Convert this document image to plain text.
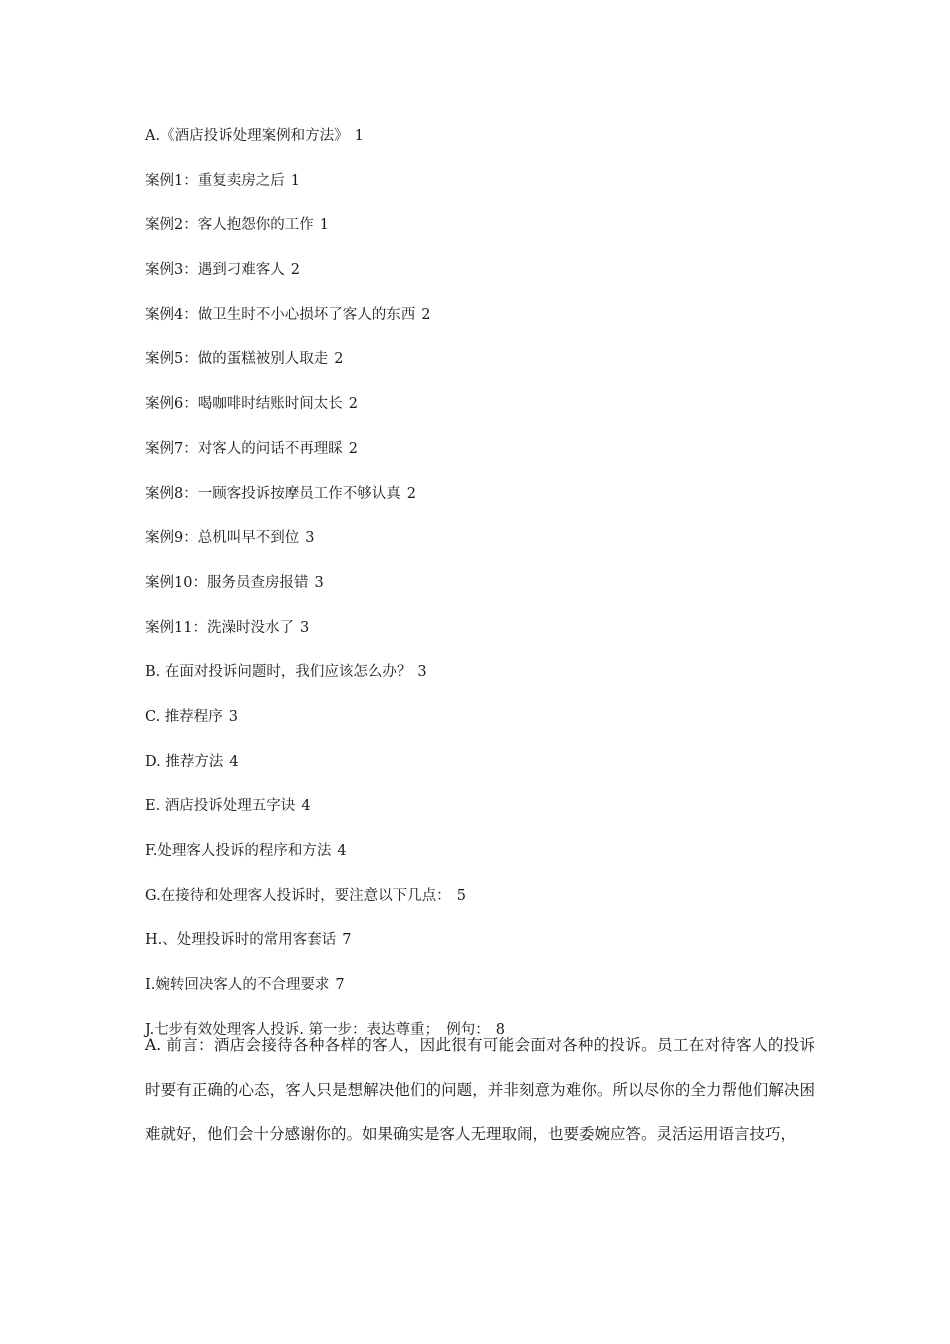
A.《酒店投诉处理案例和方法》 1
案例1：重复卖房之后 1
案例2：客人抱怨你的工作 1
案例3：遇到刁难客人 2
案例4：做卫生时不小心损坏了客人的东西 2
案例5：做的蛋糕被别人取走 2
案例6：喝咖啡时结账时间太长 2
案例7：对客人的问话不再理睬 2
案例8：一顾客投诉按摩员工作不够认真 2
案例9：总机叫早不到位 3
案例10：服务员查房报错 3
案例11：洗澡时没水了 3
B. 在面对投诉问题时，我们应该怎么办？ 3
C. 推荐程序 3
D. 推荐方法 4
E. 酒店投诉处理五字诀 4
F.处理客人投诉的程序和方法 4
G.在接待和处理客人投诉时，要注意以下几点： 5
H.、处理投诉时的常用客套话 7
I.婉转回决客人的不合理要求 7
J.七步有效处理客人投诉. 第一步：表达尊重；　例句： 8

A. 前言：酒店会接待各种各样的客人，因此很有可能会面对各种的投诉。员工在对待客人的投诉时要有正确的心态，客人只是想解决他们的问题，并非刻意为难你。所以尽你的全力帮他们解决困难就好，他们会十分感谢你的。如果确实是客人无理取闹，也要委婉应答。灵活运用语言技巧，
